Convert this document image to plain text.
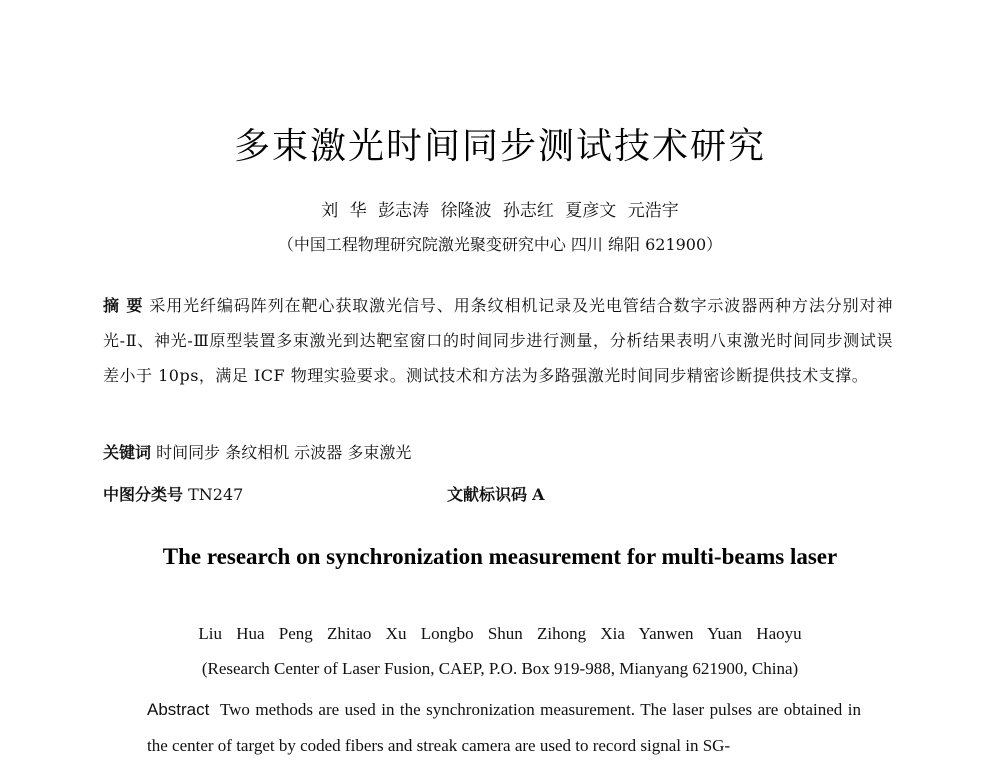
多束激光时间同步测试技术研究
刘 华 彭志涛 徐隆波 孙志红 夏彦文 元浩宇
（中国工程物理研究院激光聚变研究中心 四川 绵阳 621900）
摘 要 采用光纤编码阵列在靶心获取激光信号、用条纹相机记录及光电管结合数字示波器两种方法分别对神光-Ⅱ、神光-Ⅲ原型装置多束激光到达靶室窗口的时间同步进行测量，分析结果表明八束激光时间同步测试误差小于 10ps，满足 ICF 物理实验要求。测试技术和方法为多路强激光时间同步精密诊断提供技术支撑。
关键词 时间同步 条纹相机 示波器 多束激光
中图分类号 TN247	文献标识码 A
The research on synchronization measurement for multi-beams laser
Liu Hua Peng Zhitao Xu Longbo Shun Zihong Xia Yanwen Yuan Haoyu
(Research Center of Laser Fusion, CAEP, P.O. Box 919-988, Mianyang 621900, China)
Abstract Two methods are used in the synchronization measurement. The laser pulses are obtained in the center of target by coded fibers and streak camera are used to record signal in SG-
